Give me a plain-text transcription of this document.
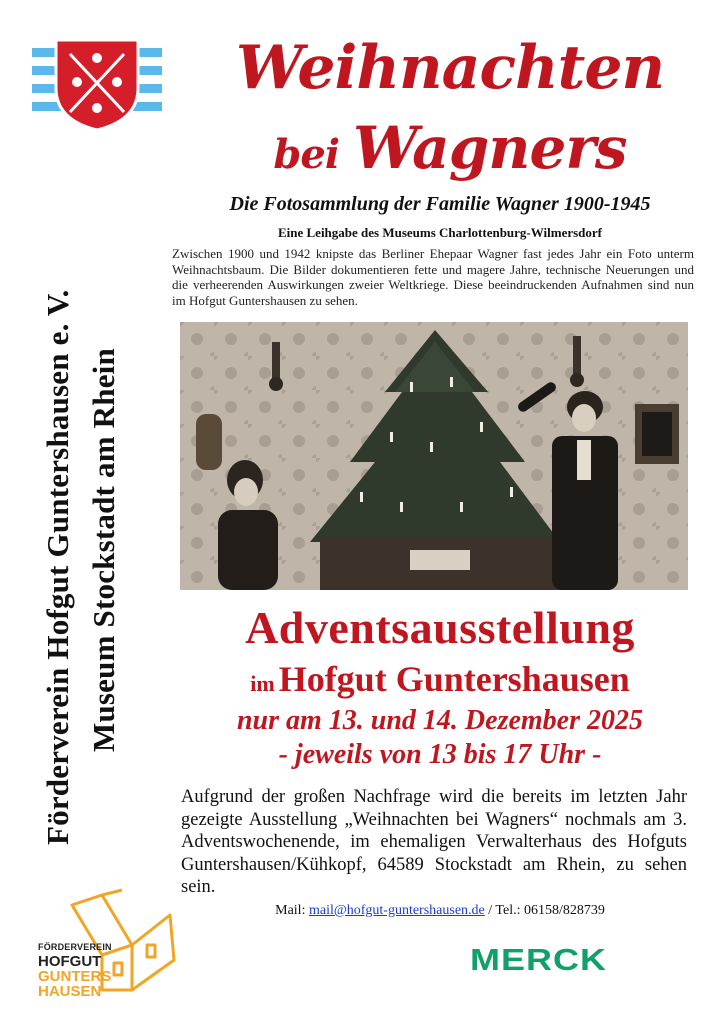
Förderverein Hofgut Guntershausen e. V. Museum Stockstadt am Rhein
Weihnachten
bei Wagners
Die Fotosammlung der Familie Wagner 1900-1945
Eine Leihgabe des Museums Charlottenburg-Wilmersdorf
Zwischen 1900 und 1942 knipste das Berliner Ehepaar Wagner fast jedes Jahr ein Foto unterm Weihnachtsbaum. Die Bilder dokumentieren fette und magere Jahre, technische Neuerungen und die verheerenden Auswirkungen zweier Weltkriege. Diese beeindruckenden Aufnahmen sind nun im Hofgut Guntershausen zu sehen.
Adventsausstellung
im Hofgut Guntershausen
nur am 13. und 14. Dezember 2025
- jeweils von 13 bis 17 Uhr -
Aufgrund der großen Nachfrage wird die bereits im letzten Jahr gezeigte Ausstellung „Weihnachten bei Wagners“ nochmals am 3. Adventswochenende, im ehemaligen Verwalterhaus des Hofguts Guntershausen/Kühkopf, 64589 Stockstadt am Rhein, zu sehen sein.
Mail: mail@hofgut-guntershausen.de / Tel.: 06158/828739
FÖRDERVEREIN
HOFGUT
GUNTERS
HAUSEN
MERCK
